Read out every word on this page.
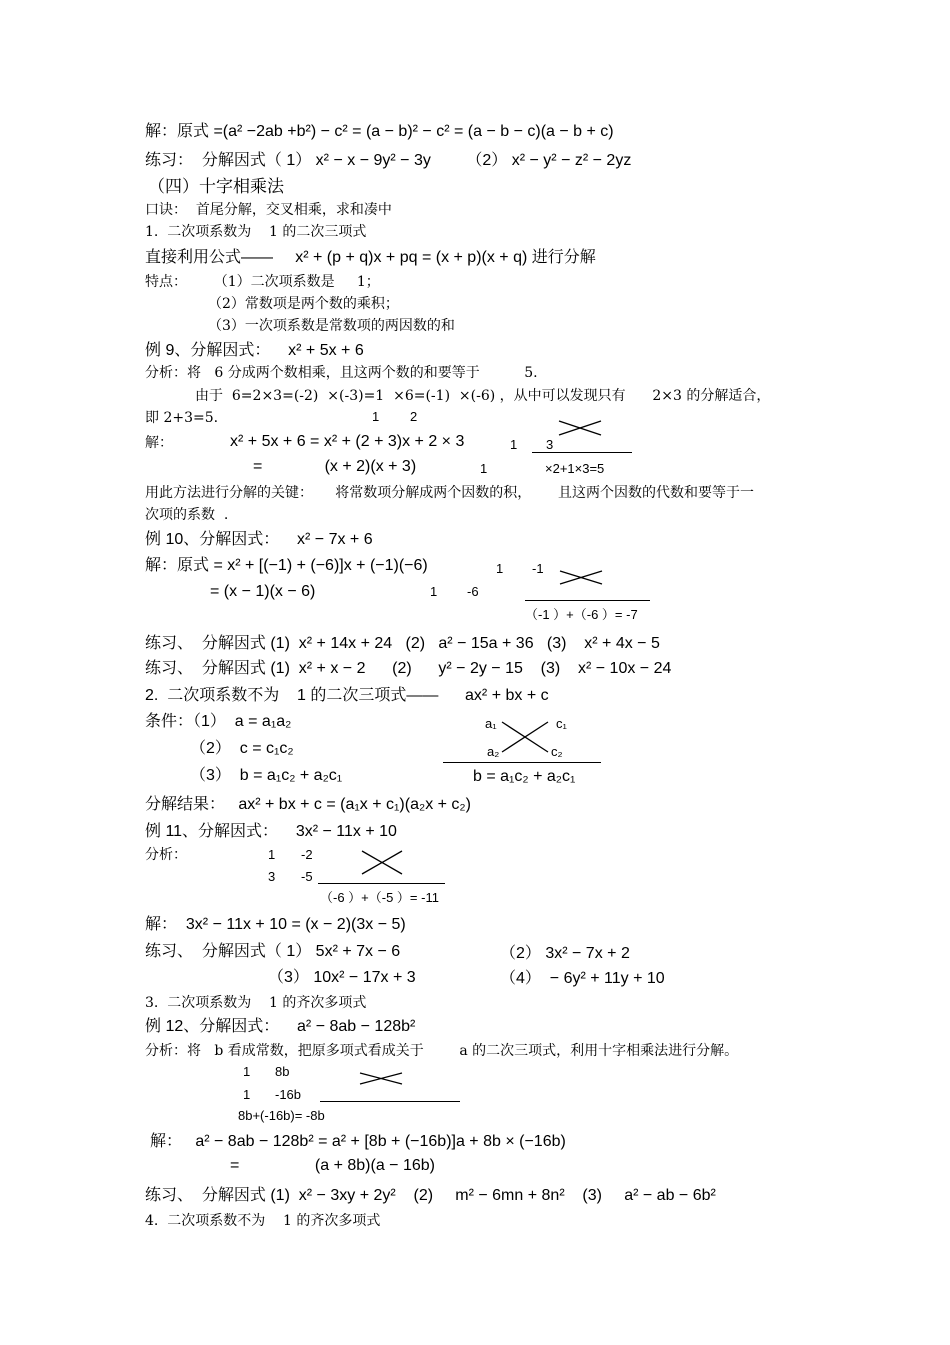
解：原式 =(a² −2ab +b²) − c² = (a − b)² − c² = (a − b − c)(a − b + c)
练习：  分解因式（ 1） x² − x − 9y² − 3y        （2） x² − y² − z² − 2yz
（四）十字相乘法
口诀：  首尾分解，交叉相乘，求和凑中
1.  二次项系数为    1 的二次三项式
直接利用公式——     x² + (p + q)x + pq = (x + p)(x + q) 进行分解
特点：      （1）二次项系数是     1；
（2）常数项是两个数的乘积；
（3）一次项系数是常数项的两因数的和
例 9、分解因式：    x² + 5x + 6
分析：将   6 分成两个数相乘，且这两个数的和要等于          5.
由于  6=2×3=(-2)  ×(-3)=1  ×6=(-1)  ×(-6) ，从中可以发现只有      2×3 的分解适合，
即 2+3=5.	1 2
解：	x² + 5x + 6 = x² + (2 + 3)x + 2 × 3	1 3
=              (x + 2)(x + 3)	1	×2+1×3=5
用此方法进行分解的关键：     将常数项分解成两个因数的积，      且这两个因数的代数和要等于一
次项的系数  .
例 10、分解因式：    x² − 7x + 6
解：原式 = x² + [(−1) + (−6)]x + (−1)(−6)	1 -1
= (x − 1)(x − 6)	1 -6
（-1 ）+（-6 ）= -7
练习、  分解因式 (1)  x² + 14x + 24   (2)   a² − 15a + 36   (3)    x² + 4x − 5
练习、  分解因式 (1)  x² + x − 2      (2)      y² − 2y − 15    (3)    x² − 10x − 24
2.  二次项系数不为    1 的二次三项式——      ax² + bx + c
条件：（1）  a = a₁a₂
（2）  c = c₁c₂
（3）  b = a₁c₂ + a₂c₁
a₁	c₁
a₂	c₂
b = a₁c₂ + a₂c₁
分解结果：   ax² + bx + c = (a₁x + c₁)(a₂x + c₂)
例 11、分解因式：    3x² − 11x + 10
分析：	1 -2
3 -5
（-6 ）+（-5 ）= -11
解：  3x² − 11x + 10 = (x − 2)(3x − 5)
练习、  分解因式（ 1） 5x² + 7x − 6	（2） 3x² − 7x + 2
（3） 10x² − 17x + 3	（4）  − 6y² + 11y + 10
3.  二次项系数为    1 的齐次多项式
例 12、分解因式：    a² − 8ab − 128b²
分析：将   b 看成常数，把原多项式看成关于        a 的二次三项式，利用十字相乘法进行分解。
1 8b
1 -16b
8b+(-16b)= -8b
解：   a² − 8ab − 128b² = a² + [8b + (−16b)]a + 8b × (−16b)
=                 (a + 8b)(a − 16b)
练习、  分解因式 (1)  x² − 3xy + 2y²    (2)     m² − 6mn + 8n²    (3)     a² − ab − 6b²
4.  二次项系数不为    1 的齐次多项式
